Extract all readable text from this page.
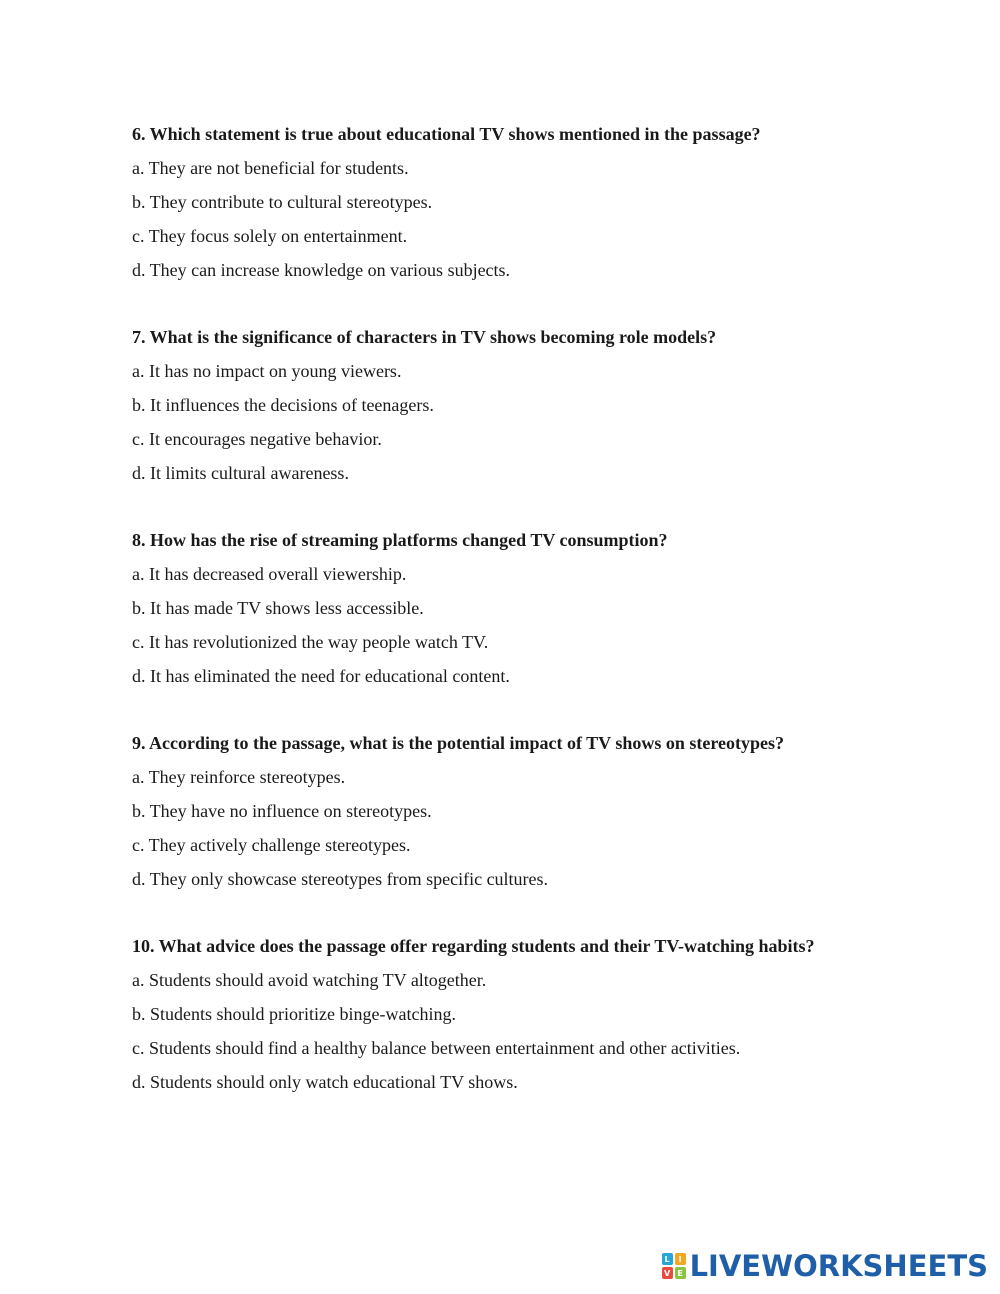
6. Which statement is true about educational TV shows mentioned in the passage?
a. They are not beneficial for students.
b. They contribute to cultural stereotypes.
c. They focus solely on entertainment.
d. They can increase knowledge on various subjects.
7. What is the significance of characters in TV shows becoming role models?
a. It has no impact on young viewers.
b. It influences the decisions of teenagers.
c. It encourages negative behavior.
d. It limits cultural awareness.
8. How has the rise of streaming platforms changed TV consumption?
a. It has decreased overall viewership.
b. It has made TV shows less accessible.
c. It has revolutionized the way people watch TV.
d. It has eliminated the need for educational content.
9. According to the passage, what is the potential impact of TV shows on stereotypes?
a. They reinforce stereotypes.
b. They have no influence on stereotypes.
c. They actively challenge stereotypes.
d. They only showcase stereotypes from specific cultures.
10. What advice does the passage offer regarding students and their TV-watching habits?
a. Students should avoid watching TV altogether.
b. Students should prioritize binge-watching.
c. Students should find a healthy balance between entertainment and other activities.
d. Students should only watch educational TV shows.
L	I
V E LIVEWORKSHEETS
